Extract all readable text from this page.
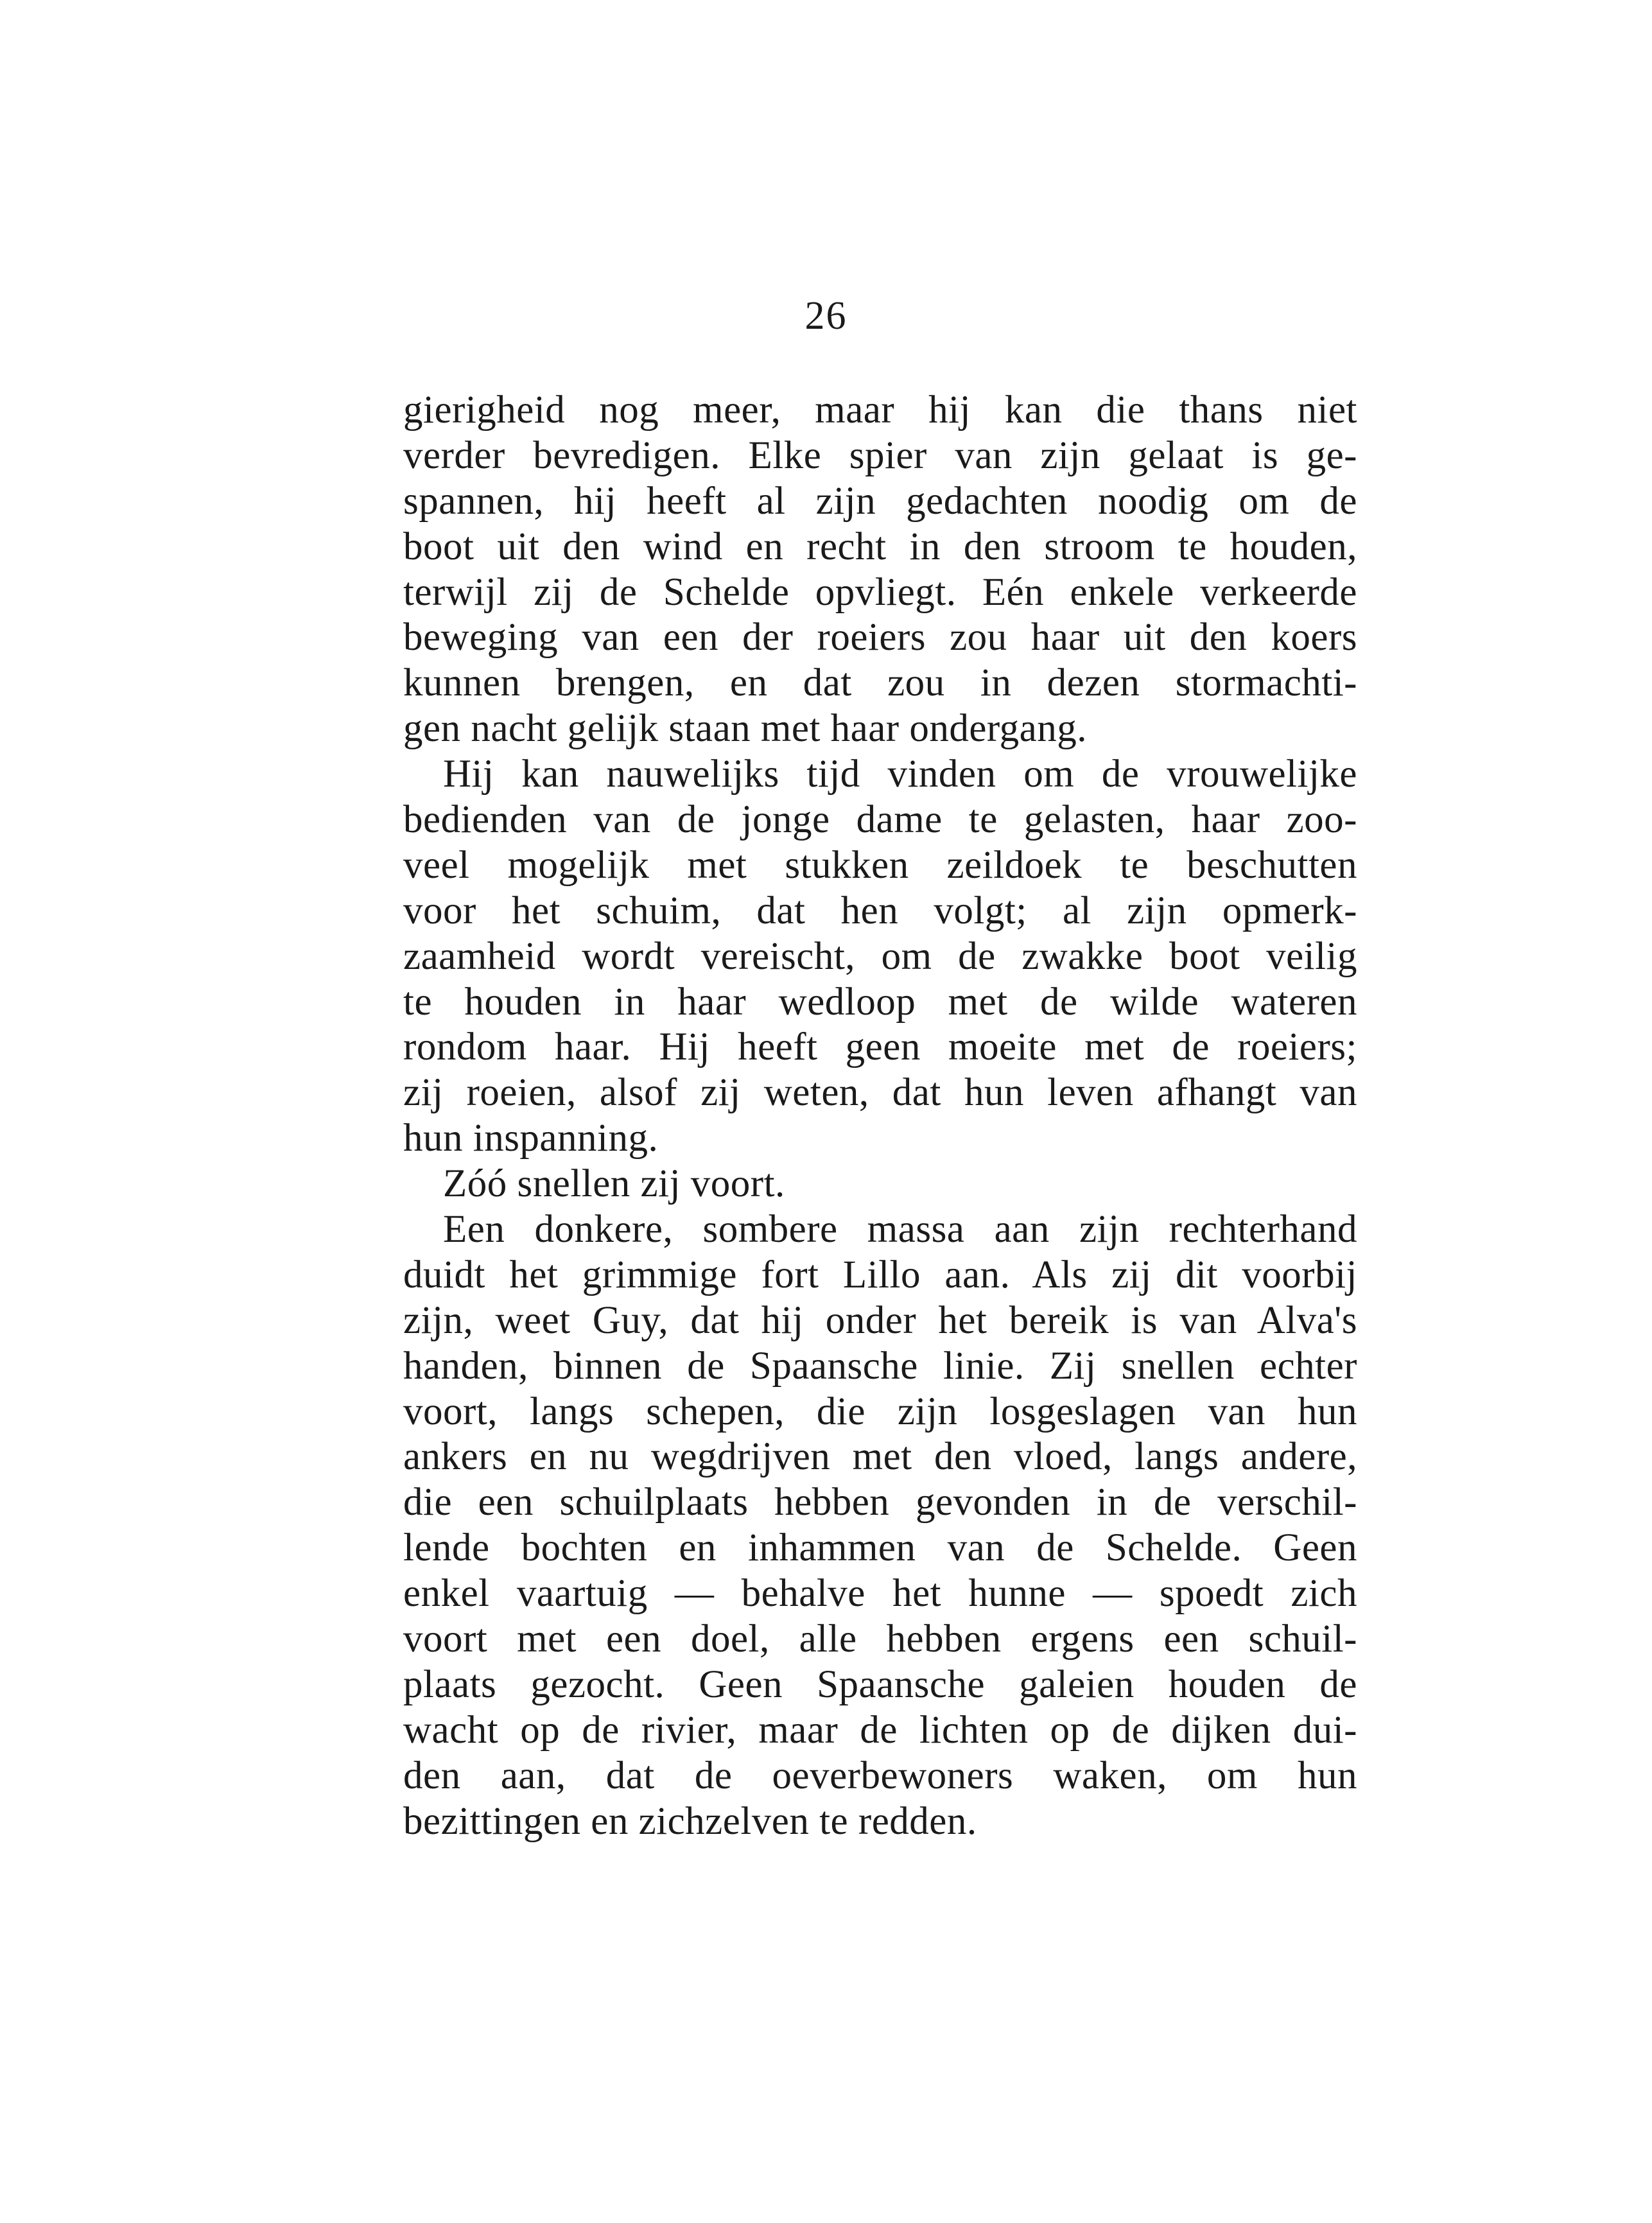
26
gierigheid nog meer, maar hij kan die thans niet
verder bevredigen. Elke spier van zijn gelaat is ge-
spannen, hij heeft al zijn gedachten noodig om de
boot uit den wind en recht in den stroom te houden,
terwijl zij de Schelde opvliegt. Eén enkele verkeerde
beweging van een der roeiers zou haar uit den koers
kunnen brengen, en dat zou in dezen stormachti-
gen nacht gelijk staan met haar ondergang.
Hij kan nauwelijks tijd vinden om de vrouwelijke
bedienden van de jonge dame te gelasten, haar zoo-
veel mogelijk met stukken zeildoek te beschutten
voor het schuim, dat hen volgt; al zijn opmerk-
zaamheid wordt vereischt, om de zwakke boot veilig
te houden in haar wedloop met de wilde wateren
rondom haar. Hij heeft geen moeite met de roeiers;
zij roeien, alsof zij weten, dat hun leven afhangt van
hun inspanning.
Zóó snellen zij voort.
Een donkere, sombere massa aan zijn rechterhand
duidt het grimmige fort Lillo aan. Als zij dit voorbij
zijn, weet Guy, dat hij onder het bereik is van Alva's
handen, binnen de Spaansche linie. Zij snellen echter
voort, langs schepen, die zijn losgeslagen van hun
ankers en nu wegdrijven met den vloed, langs andere,
die een schuilplaats hebben gevonden in de verschil-
lende bochten en inhammen van de Schelde. Geen
enkel vaartuig — behalve het hunne — spoedt zich
voort met een doel, alle hebben ergens een schuil-
plaats gezocht. Geen Spaansche galeien houden de
wacht op de rivier, maar de lichten op de dijken dui-
den aan, dat de oeverbewoners waken, om hun
bezittingen en zichzelven te redden.
